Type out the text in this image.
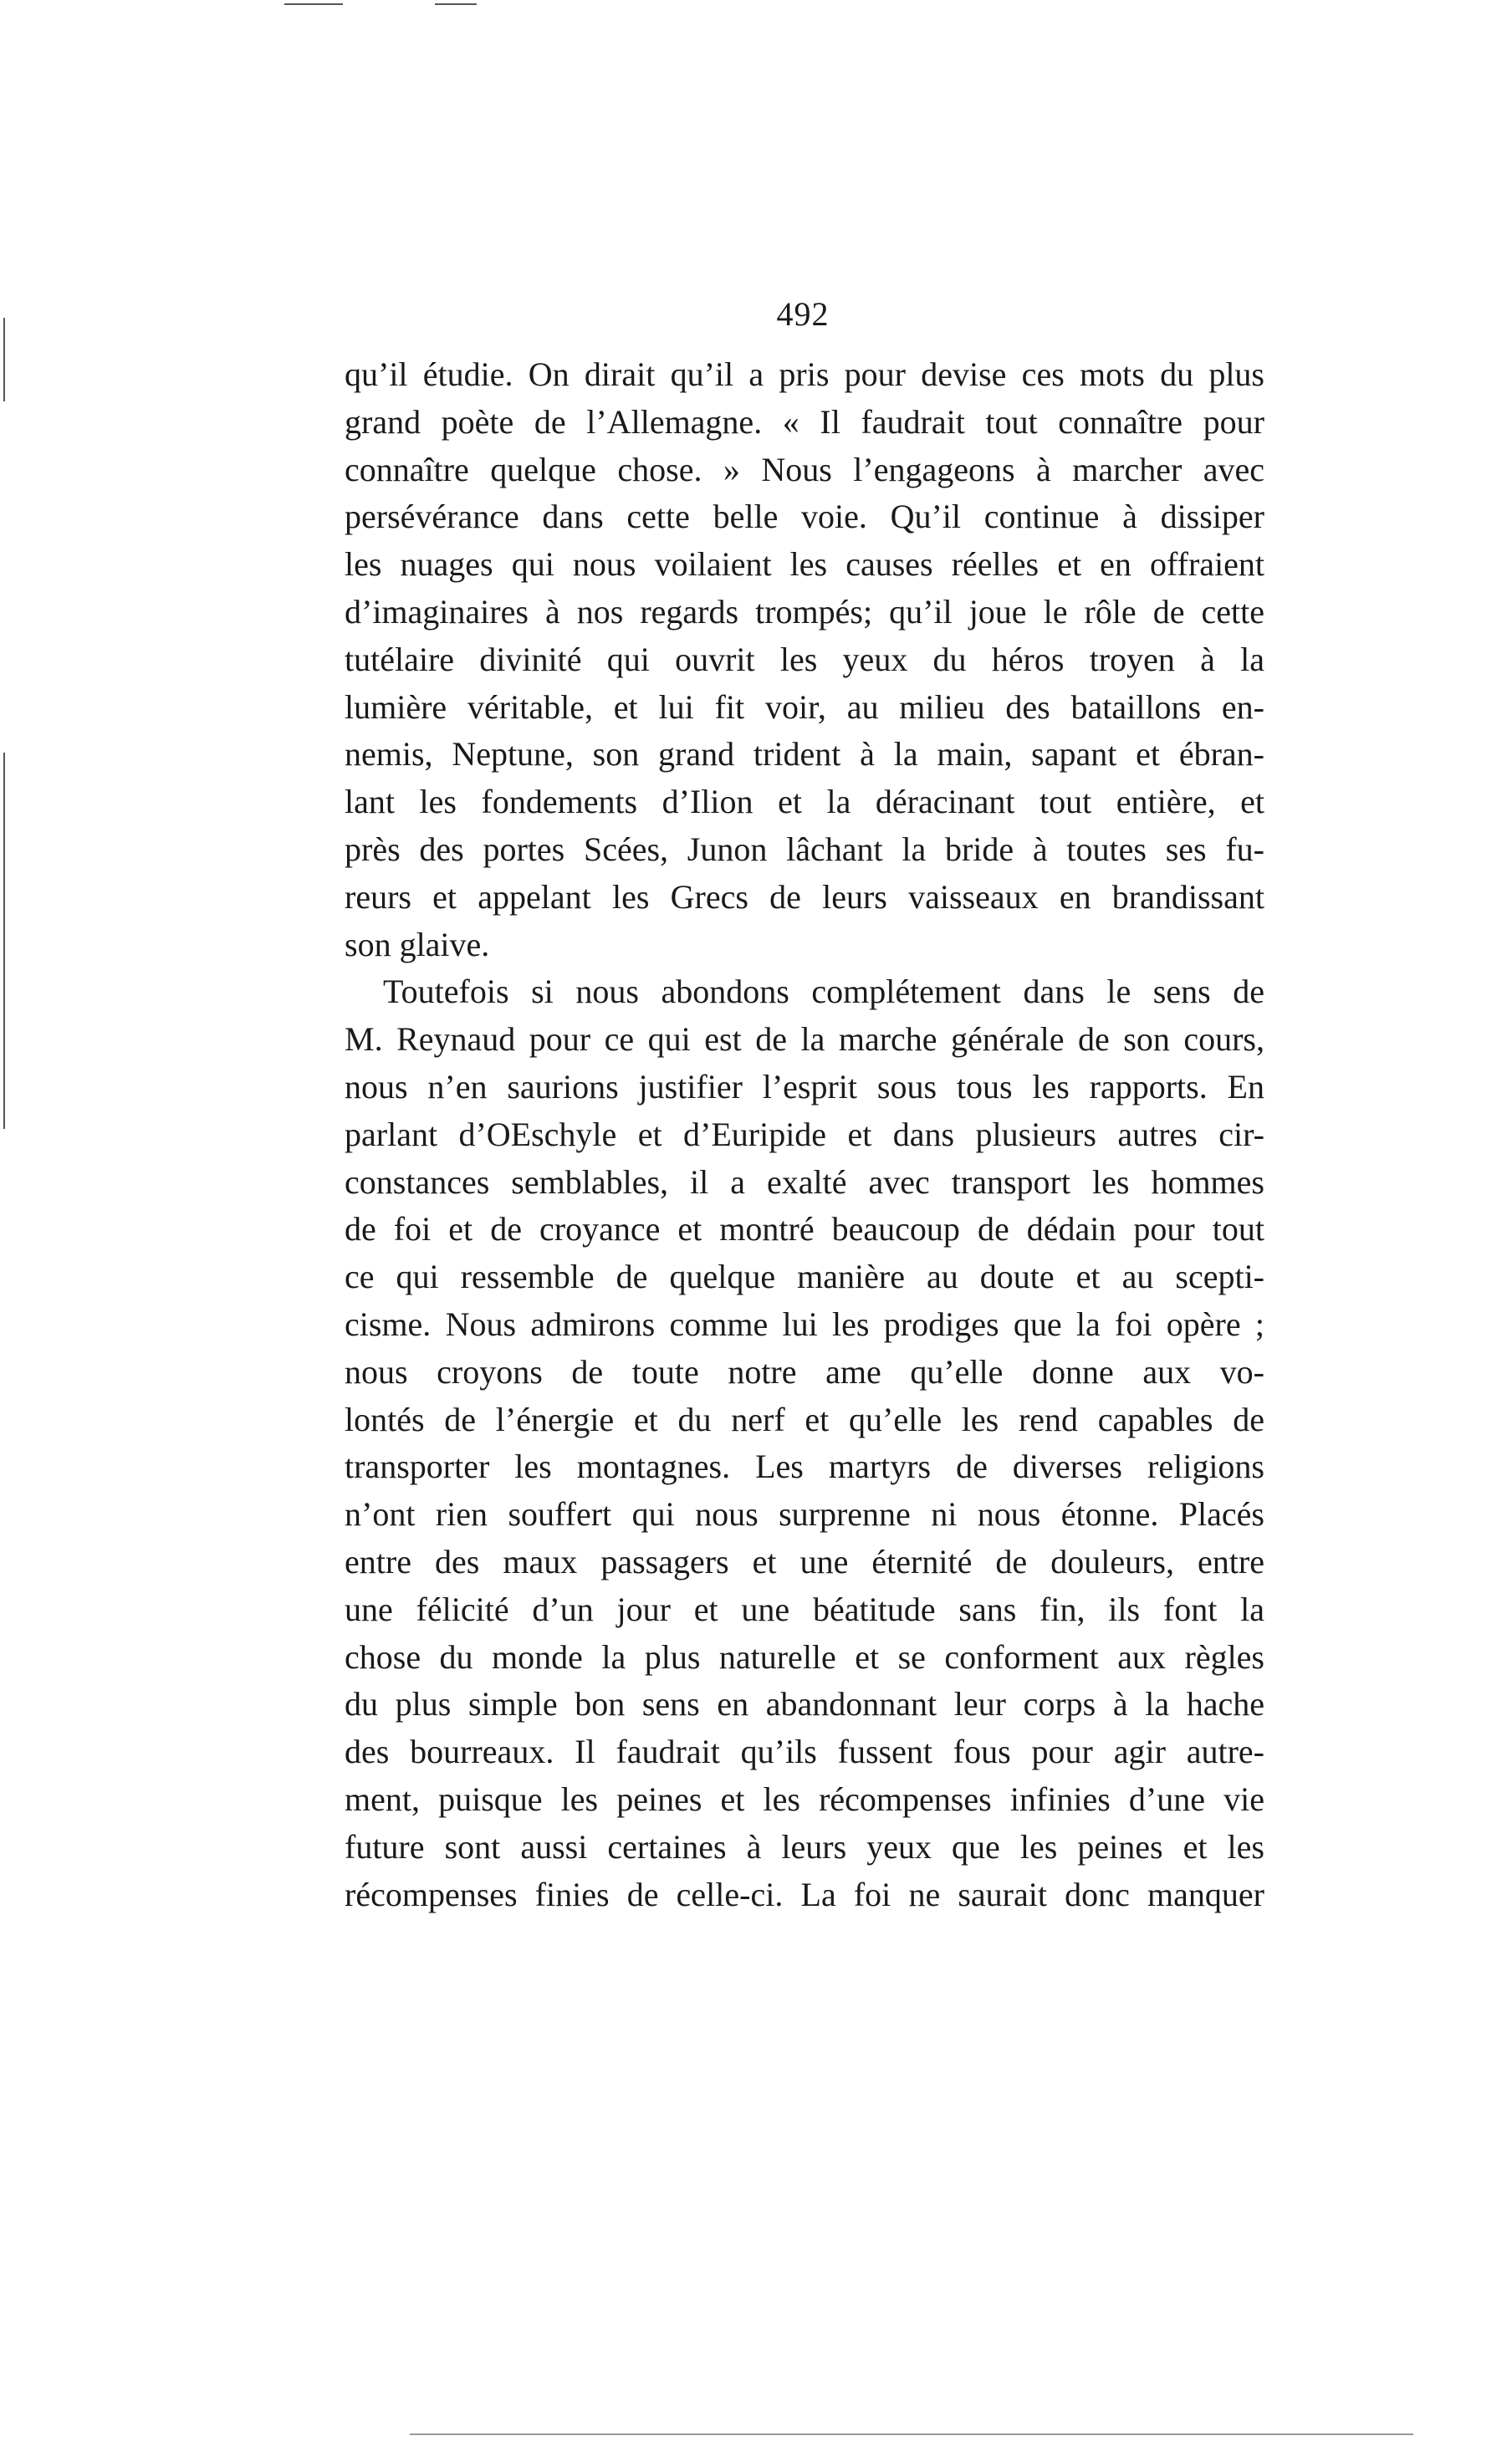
492
qu’il étudie. On dirait qu’il a pris pour devise ces mots du plus
grand poète de l’Allemagne. « Il faudrait tout connaître pour
connaître quelque chose. » Nous l’engageons à marcher avec
persévérance dans cette belle voie. Qu’il continue à dissiper
les nuages qui nous voilaient les causes réelles et en offraient
d’imaginaires à nos regards trompés; qu’il joue le rôle de cette
tutélaire divinité qui ouvrit les yeux du héros troyen à la
lumière véritable, et lui fit voir, au milieu des bataillons en-
nemis, Neptune, son grand trident à la main, sapant et ébran-
lant les fondements d’Ilion et la déracinant tout entière, et
près des portes Scées, Junon lâchant la bride à toutes ses fu-
reurs et appelant les Grecs de leurs vaisseaux en brandissant
son glaive.
Toutefois si nous abondons complétement dans le sens de
M. Reynaud pour ce qui est de la marche générale de son cours,
nous n’en saurions justifier l’esprit sous tous les rapports. En
parlant d’OEschyle et d’Euripide et dans plusieurs autres cir-
constances semblables, il a exalté avec transport les hommes
de foi et de croyance et montré beaucoup de dédain pour tout
ce qui ressemble de quelque manière au doute et au scepti-
cisme. Nous admirons comme lui les prodiges que la foi opère ;
nous croyons de toute notre ame qu’elle donne aux vo-
lontés de l’énergie et du nerf et qu’elle les rend capables de
transporter les montagnes. Les martyrs de diverses religions
n’ont rien souffert qui nous surprenne ni nous étonne. Placés
entre des maux passagers et une éternité de douleurs, entre
une félicité d’un jour et une béatitude sans fin, ils font la
chose du monde la plus naturelle et se conforment aux règles
du plus simple bon sens en abandonnant leur corps à la hache
des bourreaux. Il faudrait qu’ils fussent fous pour agir autre-
ment, puisque les peines et les récompenses infinies d’une vie
future sont aussi certaines à leurs yeux que les peines et les
récompenses finies de celle-ci. La foi ne saurait donc manquer
